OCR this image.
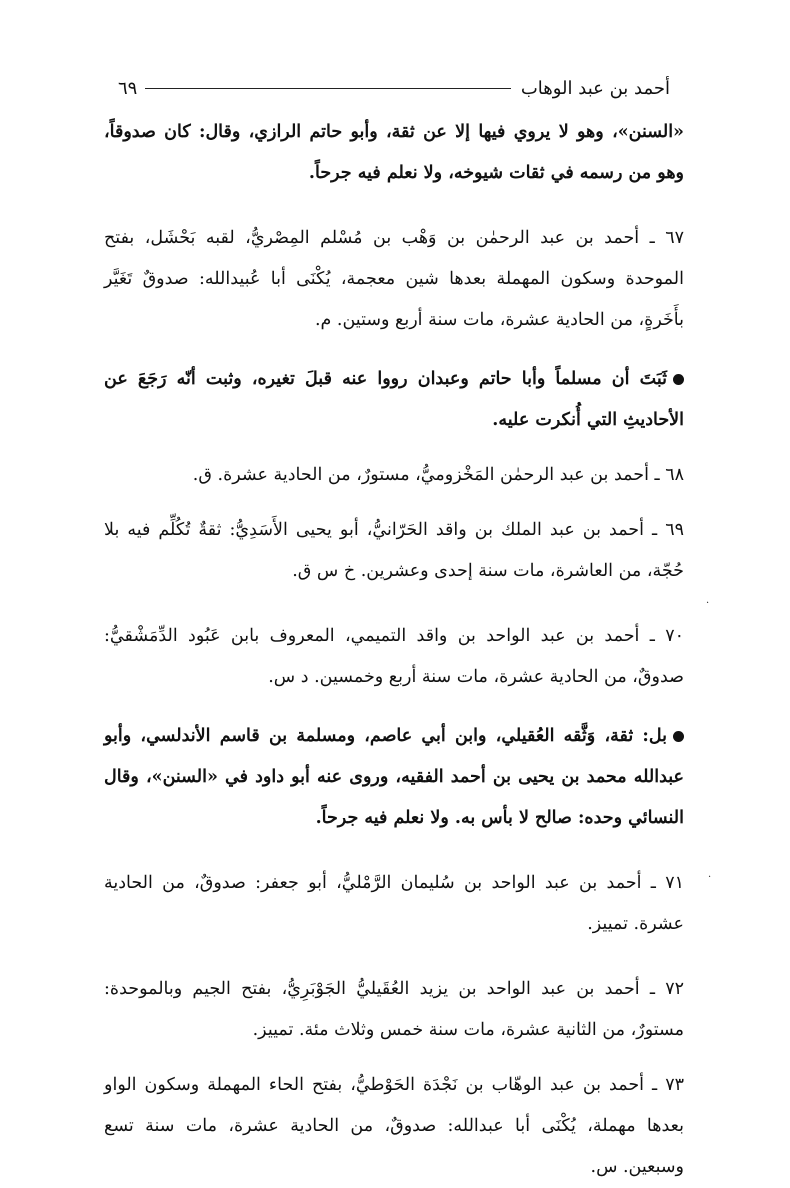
أحمد بن عبد الوهاب
٦٩

«السنن»، وهو لا يروي فيها إلا عن ثقة، وأبو حاتم الرازي، وقال: كان صدوقاً، وهو من رسمه في ثقات شيوخه، ولا نعلم فيه جرحاً.

٦٧ ـ أحمد بن عبد الرحمٰن بن وَهْب بن مُسْلم المِصْريُّ، لقبه بَحْشَل، بفتح الموحدة وسكون المهملة بعدها شين معجمة، يُكْنَى أبا عُبيدالله: صدوقٌ تَغَيَّر بأَخَرةٍ، من الحادية عشرة، مات سنة أربع وستين. م.

ثَبَتَ أن مسلماً وأبا حاتم وعبدان رووا عنه قبلَ تغيره، وثبت أنّه رَجَعَ عن الأحاديثِ التي أُنكرت عليه.

٦٨ ـ أحمد بن عبد الرحمٰن المَخْزوميُّ، مستورٌ، من الحادية عشرة. ق.

٦٩ ـ أحمد بن عبد الملك بن واقد الحَرّانيُّ، أبو يحيى الأَسَدِيُّ: ثقةٌ تُكُلِّم فيه بلا حُجّة، من العاشرة، مات سنة إحدى وعشرين. خ س ق.

٧٠ ـ أحمد بن عبد الواحد بن واقد التميمي، المعروف بابن عَبُود الدِّمَشْقيُّ: صدوقٌ، من الحادية عشرة، مات سنة أربع وخمسين. د س.

بل: ثقة، وَثَّقه العُقيلي، وابن أبي عاصم، ومسلمة بن قاسم الأندلسي، وأبو عبدالله محمد بن يحيى بن أحمد الفقيه، وروى عنه أبو داود في «السنن»، وقال النسائي وحده: صالح لا بأس به. ولا نعلم فيه جرحاً.

٧١ ـ أحمد بن عبد الواحد بن سُليمان الرَّمْليُّ، أبو جعفر: صدوقٌ، من الحادية عشرة. تمييز.

٧٢ ـ أحمد بن عبد الواحد بن يزيد العُقَيليُّ الجَوْبَرِيُّ، بفتح الجيم وبالموحدة: مستورٌ، من الثانية عشرة، مات سنة خمس وثلاث مئة. تمييز.

٧٣ ـ أحمد بن عبد الوهّاب بن نَجْدَة الحَوْطيُّ، بفتح الحاء المهملة وسكون الواو بعدها مهملة، يُكْنَى أبا عبدالله: صدوقٌ، من الحادية عشرة، مات سنة تسع وسبعين. س.

·
·
